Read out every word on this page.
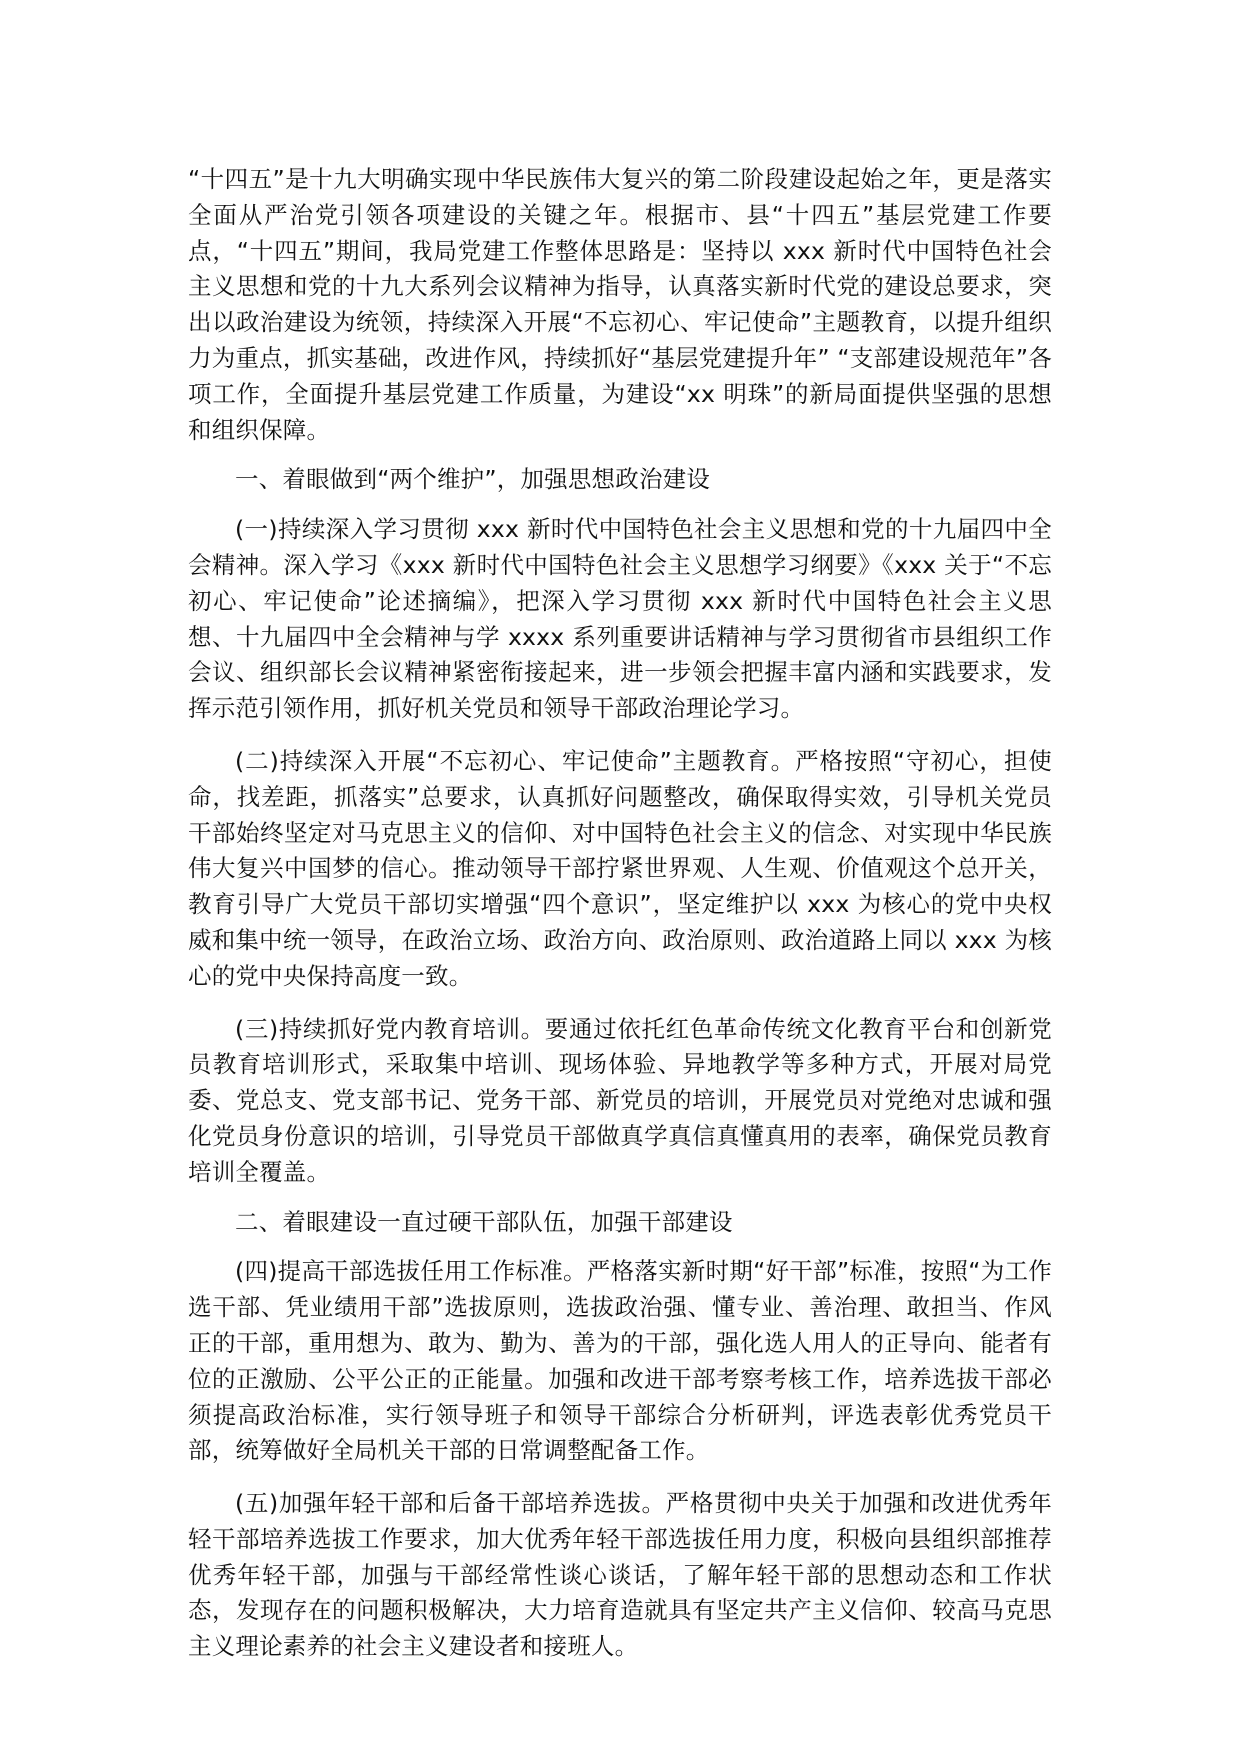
“十四五”是十九大明确实现中华民族伟大复兴的第二阶段建设起始之年，更是落实全面从严治党引领各项建设的关键之年。根据市、县“十四五”基层党建工作要点，“十四五”期间，我局党建工作整体思路是：坚持以 xxx 新时代中国特色社会主义思想和党的十九大系列会议精神为指导，认真落实新时代党的建设总要求，突出以政治建设为统领，持续深入开展“不忘初心、牢记使命”主题教育，以提升组织力为重点，抓实基础，改进作风，持续抓好“基层党建提升年” “支部建设规范年”各项工作，全面提升基层党建工作质量，为建设“xx 明珠”的新局面提供坚强的思想和组织保障。

一、着眼做到“两个维护”，加强思想政治建设

(一)持续深入学习贯彻 xxx 新时代中国特色社会主义思想和党的十九届四中全会精神。深入学习《xxx 新时代中国特色社会主义思想学习纲要》《xxx 关于“不忘初心、牢记使命”论述摘编》，把深入学习贯彻 xxx 新时代中国特色社会主义思想、十九届四中全会精神与学 xxxx 系列重要讲话精神与学习贯彻省市县组织工作会议、组织部长会议精神紧密衔接起来，进一步领会把握丰富内涵和实践要求，发挥示范引领作用，抓好机关党员和领导干部政治理论学习。

(二)持续深入开展“不忘初心、牢记使命”主题教育。严格按照“守初心，担使命，找差距，抓落实”总要求，认真抓好问题整改，确保取得实效，引导机关党员干部始终坚定对马克思主义的信仰、对中国特色社会主义的信念、对实现中华民族伟大复兴中国梦的信心。推动领导干部拧紧世界观、人生观、价值观这个总开关，教育引导广大党员干部切实增强“四个意识”，坚定维护以 xxx 为核心的党中央权威和集中统一领导，在政治立场、政治方向、政治原则、政治道路上同以 xxx 为核心的党中央保持高度一致。

(三)持续抓好党内教育培训。要通过依托红色革命传统文化教育平台和创新党员教育培训形式，采取集中培训、现场体验、异地教学等多种方式，开展对局党委、党总支、党支部书记、党务干部、新党员的培训，开展党员对党绝对忠诚和强化党员身份意识的培训，引导党员干部做真学真信真懂真用的表率，确保党员教育培训全覆盖。

二、着眼建设一直过硬干部队伍，加强干部建设

(四)提高干部选拔任用工作标准。严格落实新时期“好干部”标准，按照“为工作选干部、凭业绩用干部”选拔原则，选拔政治强、懂专业、善治理、敢担当、作风正的干部，重用想为、敢为、勤为、善为的干部，强化选人用人的正导向、能者有位的正激励、公平公正的正能量。加强和改进干部考察考核工作，培养选拔干部必须提高政治标准，实行领导班子和领导干部综合分析研判，评选表彰优秀党员干部，统筹做好全局机关干部的日常调整配备工作。

(五)加强年轻干部和后备干部培养选拔。严格贯彻中央关于加强和改进优秀年轻干部培养选拔工作要求，加大优秀年轻干部选拔任用力度，积极向县组织部推荐优秀年轻干部，加强与干部经常性谈心谈话，了解年轻干部的思想动态和工作状态，发现存在的问题积极解决，大力培育造就具有坚定共产主义信仰、较高马克思主义理论素养的社会主义建设者和接班人。
